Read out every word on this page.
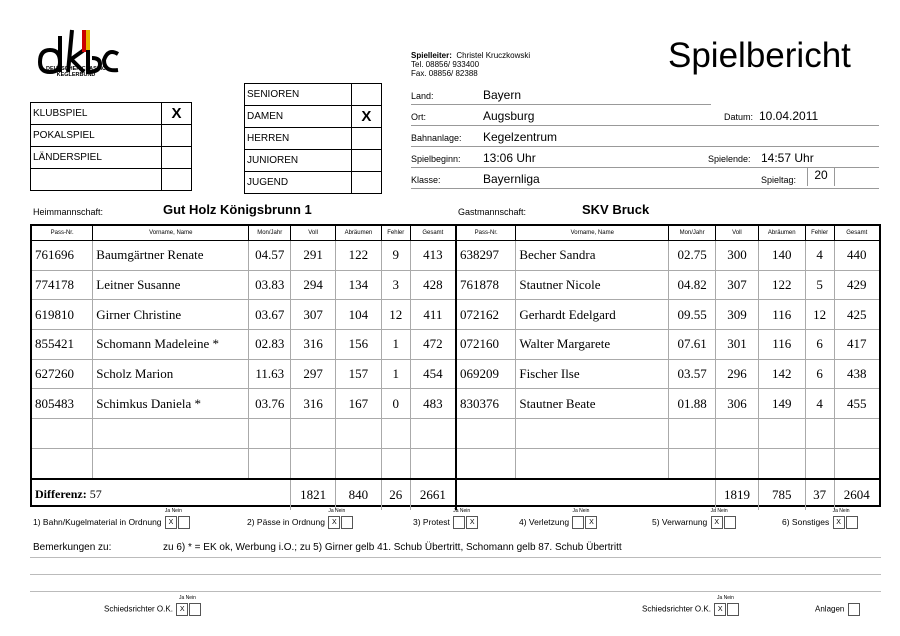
DEUTSCHER CLASSIC KEGLERBUND
Spielleiter: Christel Kruczkowski
Tel. 08856/ 933400
Fax. 08856/ 82388	Spielbericht
KLUBSPIEL	X
POKALSPIEL	
LÄNDERSPIEL	

SENIOREN	
DAMEN	X
HERREN	
JUNIOREN	
JUGEND	
Land:	Bayern
Ort:	Augsburg	Datum: 10.04.2011
Bahnanlage: Kegelzentrum
Spielbeginn: 13:06 Uhr	Spielende: 14:57 Uhr
Klasse:	Bayernliga	Spieltag:	20
Heimmannschaft:	Gut Holz Königsbrunn 1	Gastmannschaft:	SKV Bruck
Pass-Nr.	Vorname, Name	Mon/Jahr	Voll	Abräumen	Fehler	Gesamt	Pass-Nr.	Vorname, Name	Mon/Jahr	Voll	Abräumen	Fehler	Gesamt
761696	Baumgärtner Renate	04.57	291	122	9	413	638297	Becher Sandra	02.75	300	140	4	440
774178	Leitner Susanne	03.83	294	134	3	428	761878	Stautner Nicole	04.82	307	122	5	429
619810	Girner Christine	03.67	307	104	12	411	072162	Gerhardt Edelgard	09.55	309	116	12	425
855421	Schomann Madeleine *	02.83	316	156	1	472	072160	Walter Margarete	07.61	301	116	6	417
627260	Scholz Marion	11.63	297	157	1	454	069209	Fischer Ilse	03.57	296	142	6	438
805483	Schimkus Daniela *	03.76	316	167	0	483	830376	Stautner Beate	01.88	306	149	4	455

Differenz: 57			1821	840	26	2661				1819	785	37	2604
1) Bahn/Kugelmaterial in Ordnung
Ja Nein
X	2) Pässe in Ordnung
Ja Nein
X	3) Protest
Ja Nein
X	4) Verletzung
Ja Nein
X	5) Verwarnung
Ja Nein
X	6) Sonstiges
Ja Nein
X
Bemerkungen zu:	zu 6) * = EK ok, Werbung i.O.; zu 5) Girner gelb 41. Schub Übertritt, Schomann gelb 87. Schub Übertritt
Ja Nein
Schiedsrichter O.K. X
Ja Nein
Schiedsrichter O.K. X	Anlagen
